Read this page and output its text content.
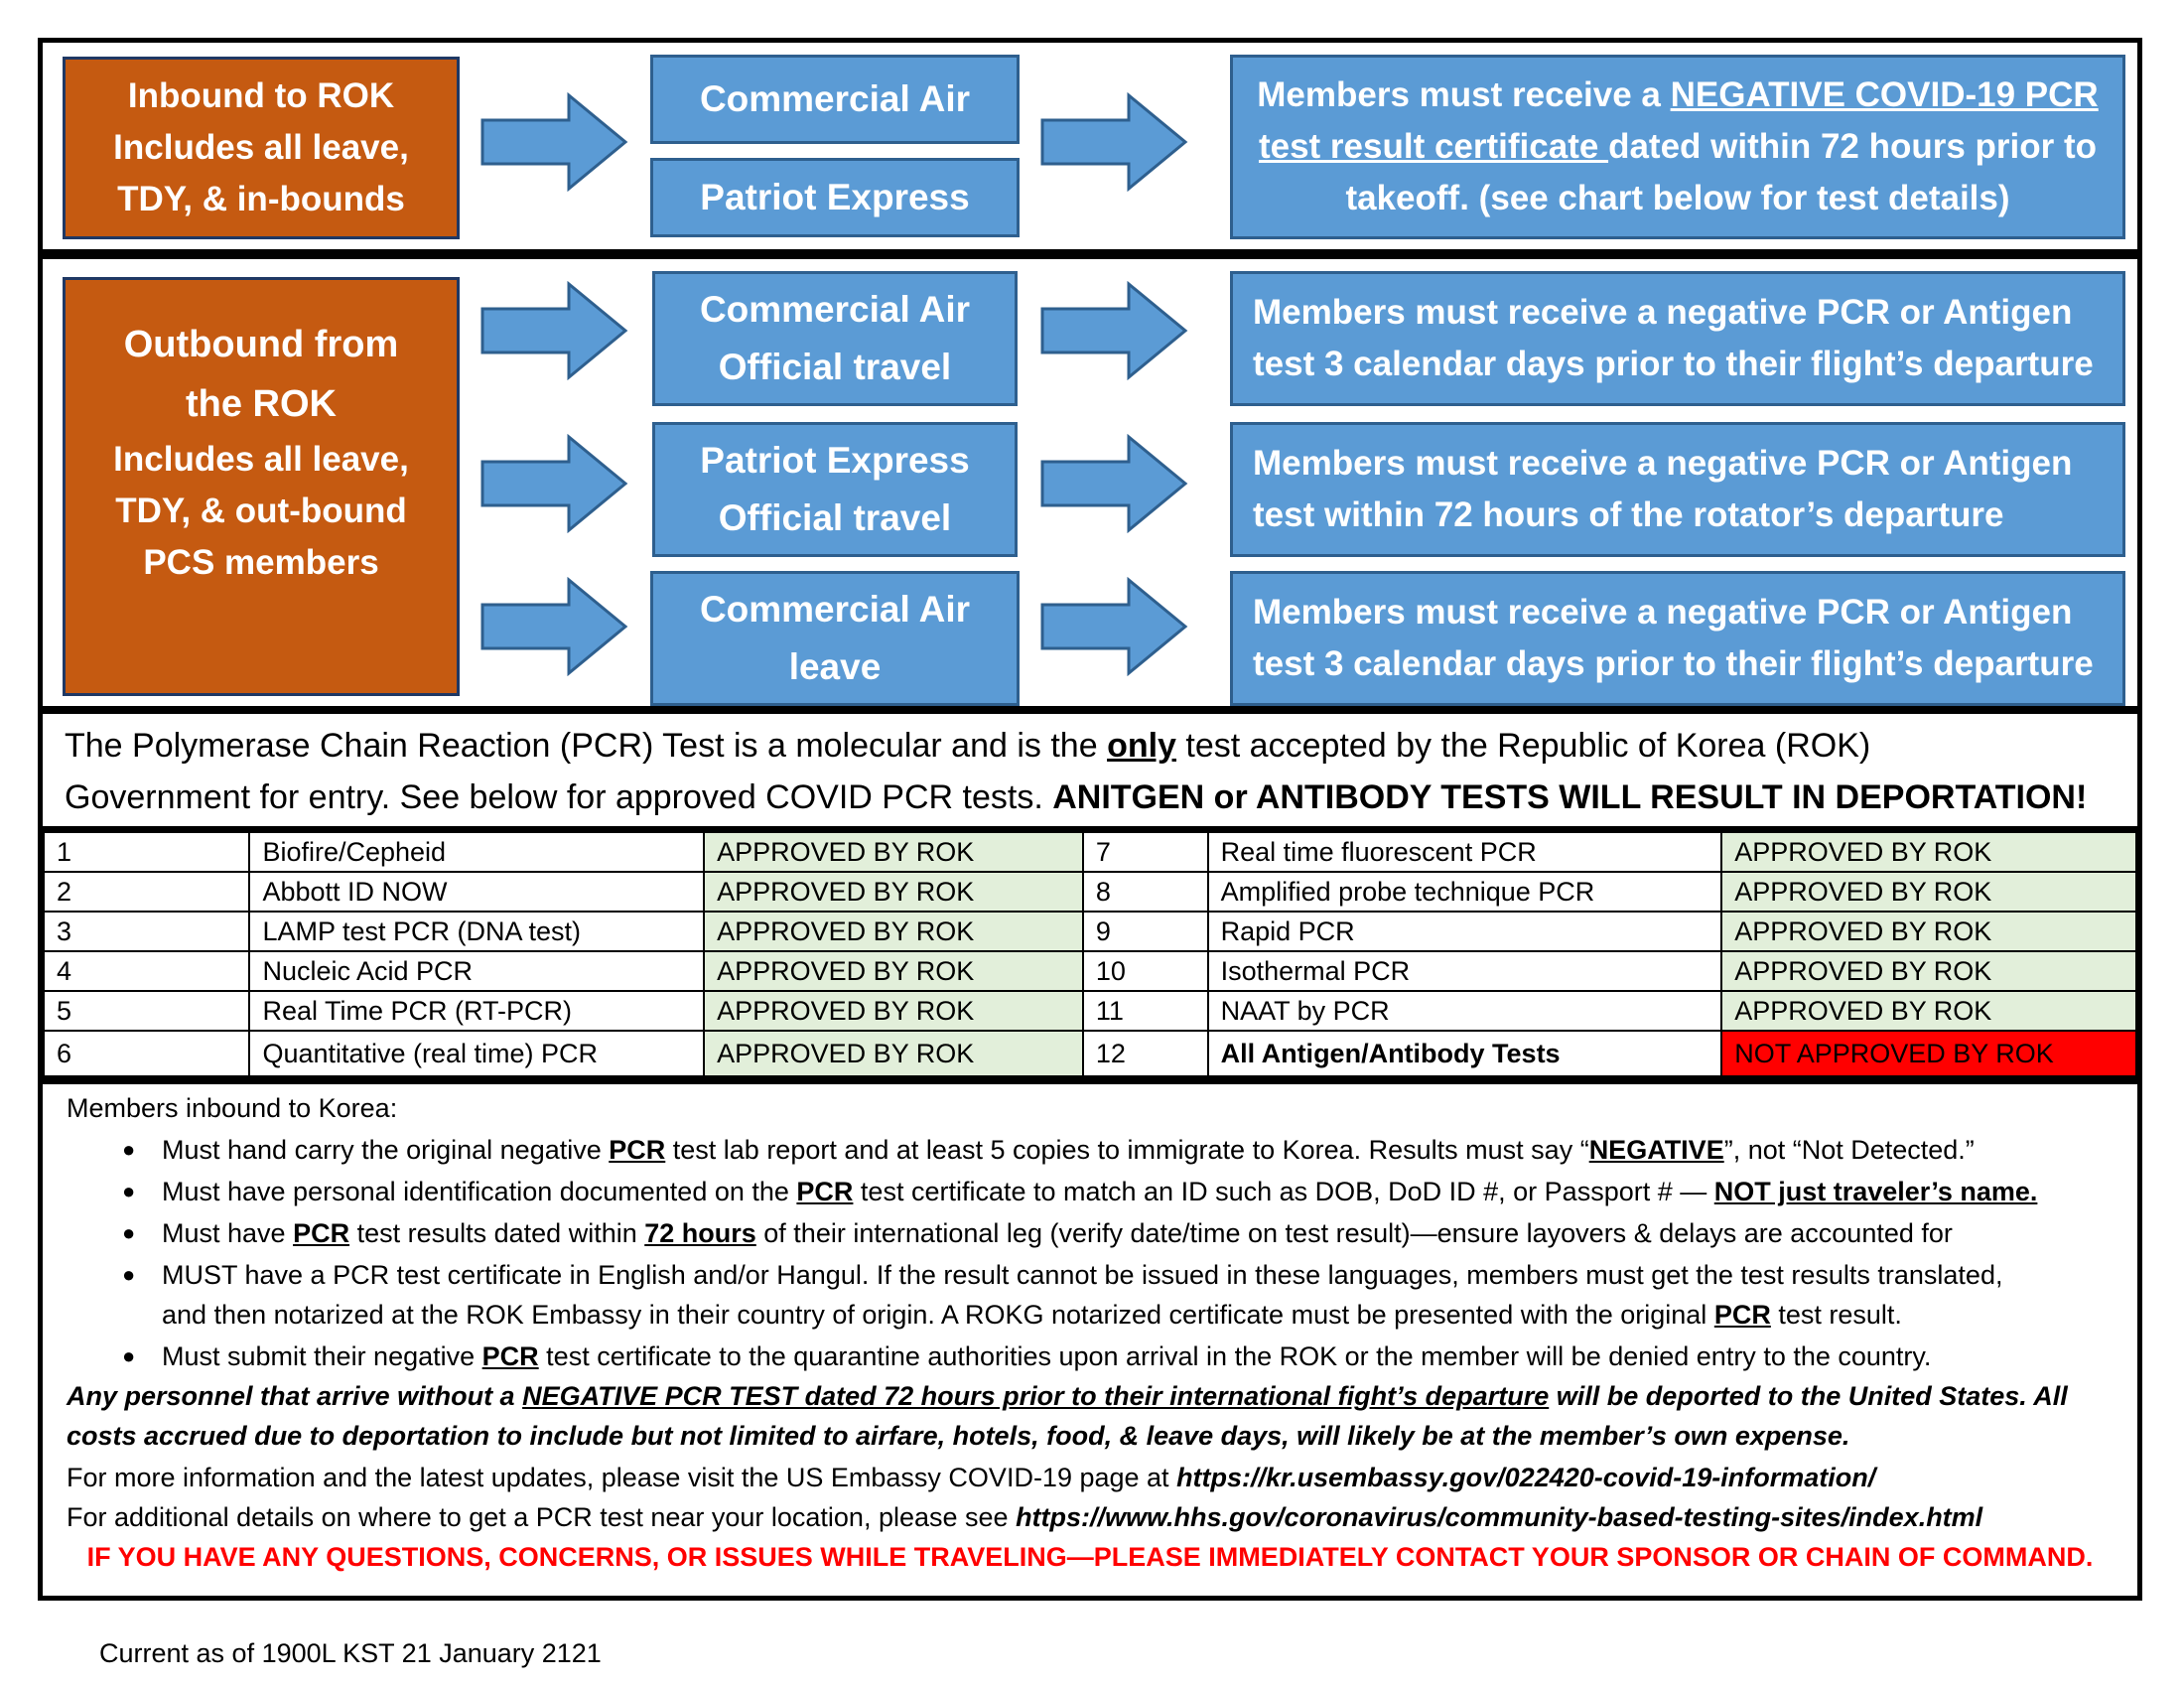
Inbound to ROK
Includes all leave,
TDY, & in-bounds
Commercial Air
Patriot Express
Members must receive a NEGATIVE COVID-19 PCR
test result certificate dated within 72 hours prior to
takeoff. (see chart below for test details)
Outbound from
the ROK
Includes all leave,
TDY, & out-bound
PCS members
Commercial Air
Official travel
Members must receive a negative PCR or Antigen
test 3 calendar days prior to their flight’s departure
Patriot Express
Official travel
Members must receive a negative PCR or Antigen
test within 72 hours of the rotator’s departure
Commercial Air
leave
Members must receive a negative PCR or Antigen
test 3 calendar days prior to their flight’s departure
The Polymerase Chain Reaction (PCR) Test is a molecular and is the only test accepted by the Republic of Korea (ROK)
Government for entry. See below for approved COVID PCR tests. ANITGEN or ANTIBODY TESTS WILL RESULT IN DEPORTATION!
1	Biofire/Cepheid	APPROVED BY ROK	7	Real time fluorescent PCR	APPROVED BY ROK
2	Abbott ID NOW	APPROVED BY ROK	8	Amplified probe technique PCR	APPROVED BY ROK
3	LAMP test PCR (DNA test)	APPROVED BY ROK	9	Rapid PCR	APPROVED BY ROK
4	Nucleic Acid PCR	APPROVED BY ROK	10	Isothermal PCR	APPROVED BY ROK
5	Real Time PCR (RT-PCR)	APPROVED BY ROK	11	NAAT by PCR	APPROVED BY ROK
6	Quantitative (real time) PCR	APPROVED BY ROK	12	All Antigen/Antibody Tests	NOT APPROVED BY ROK
Members inbound to Korea:
● Must hand carry the original negative PCR test lab report and at least 5 copies to immigrate to Korea. Results must say “NEGATIVE”, not “Not Detected.”
● Must have personal identification documented on the PCR test certificate to match an ID such as DOB, DoD ID #, or Passport # — NOT just traveler’s name.
● Must have PCR test results dated within 72 hours of their international leg (verify date/time on test result)—ensure layovers & delays are accounted for
● MUST have a PCR test certificate in English and/or Hangul. If the result cannot be issued in these languages, members must get the test results translated,
and then notarized at the ROK Embassy in their country of origin. A ROKG notarized certificate must be presented with the original PCR test result.
● Must submit their negative PCR test certificate to the quarantine authorities upon arrival in the ROK or the member will be denied entry to the country.
Any personnel that arrive without a NEGATIVE PCR TEST dated 72 hours prior to their international fight’s departure will be deported to the United States. All
costs accrued due to deportation to include but not limited to airfare, hotels, food, & leave days, will likely be at the member’s own expense.
For more information and the latest updates, please visit the US Embassy COVID-19 page at https://kr.usembassy.gov/022420-covid-19-information/
For additional details on where to get a PCR test near your location, please see https://www.hhs.gov/coronavirus/community-based-testing-sites/index.html
IF YOU HAVE ANY QUESTIONS, CONCERNS, OR ISSUES WHILE TRAVELING—PLEASE IMMEDIATELY CONTACT YOUR SPONSOR OR CHAIN OF COMMAND.
Current as of 1900L KST 21 January 2121
